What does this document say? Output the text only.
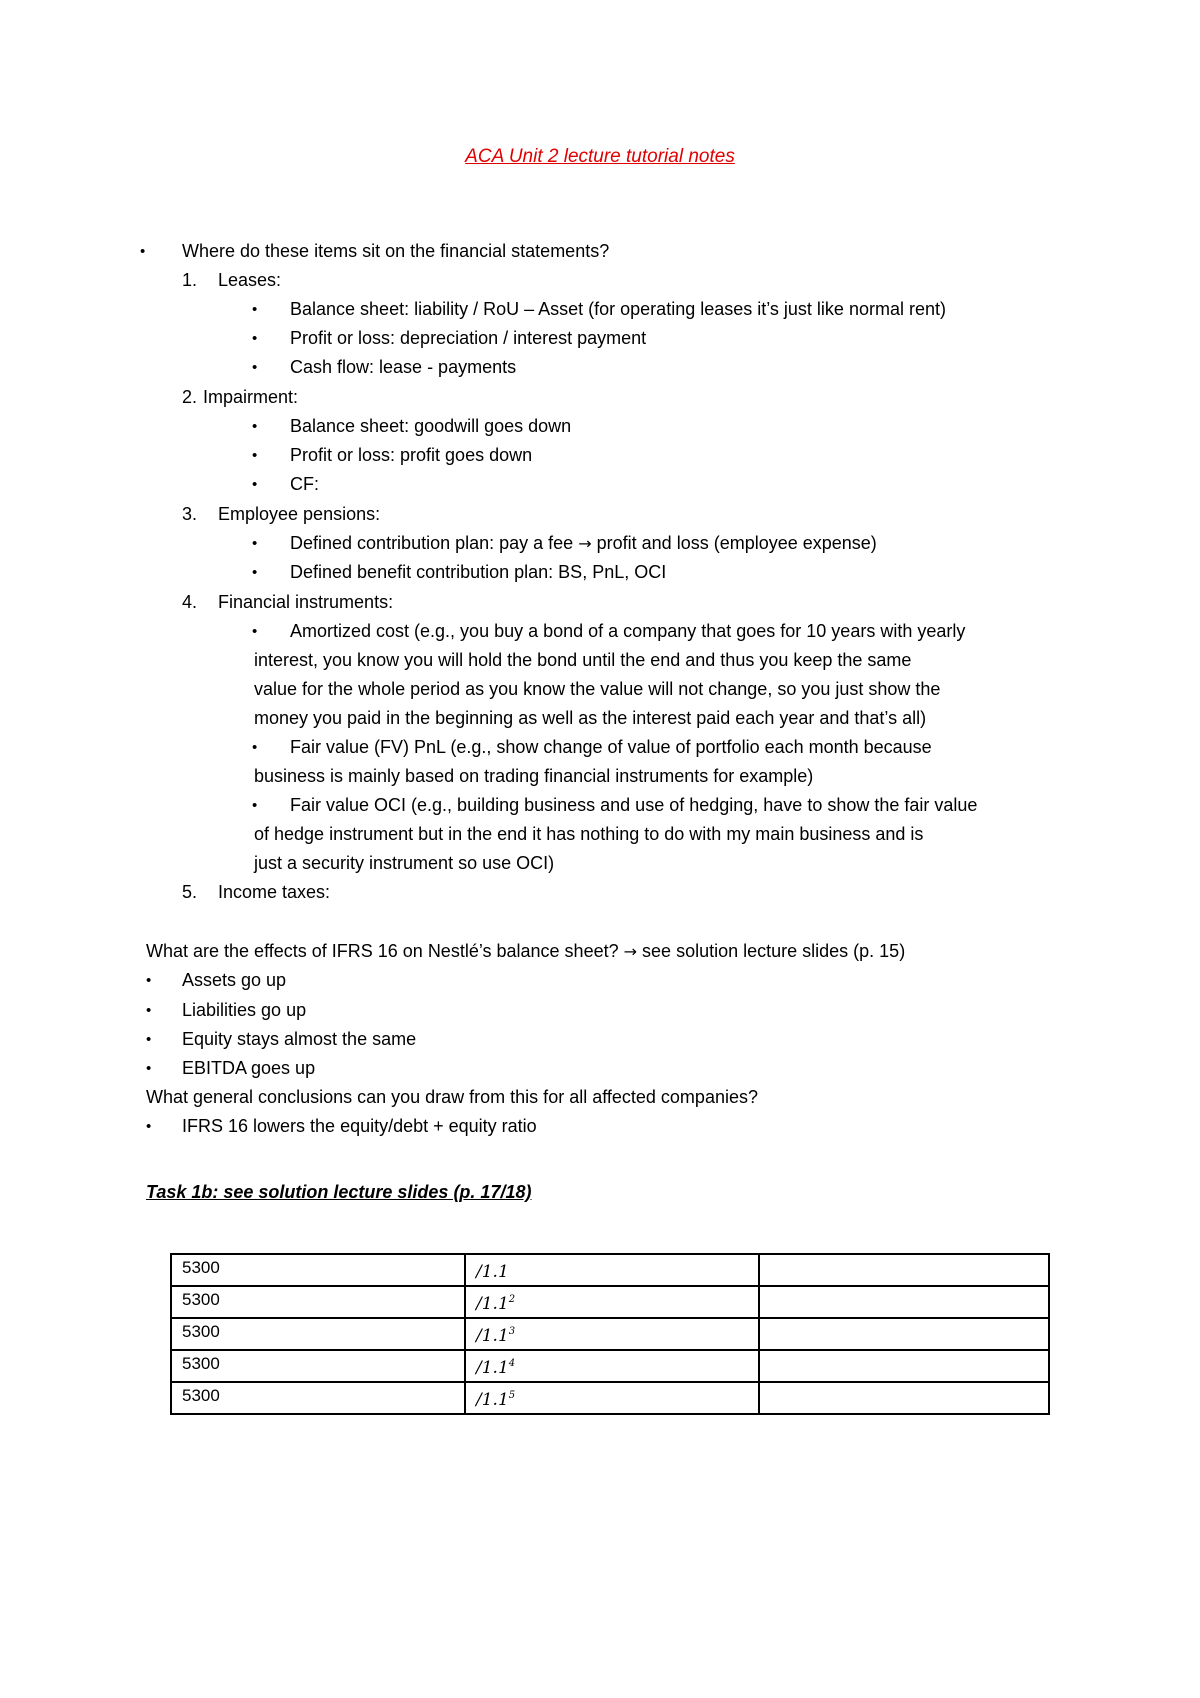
ACA Unit 2 lecture tutorial notes
• Where do these items sit on the financial statements?
1.	Leases:
• Balance sheet: liability / RoU – Asset (for operating leases it’s just like normal rent)
• Profit or loss: depreciation / interest payment
• Cash flow: lease - payments
2. Impairment:
• Balance sheet: goodwill goes down
• Profit or loss: profit goes down
• CF:
3.	Employee pensions:
• Defined contribution plan: pay a fee → profit and loss (employee expense)
• Defined benefit contribution plan: BS, PnL, OCI
4.	Financial instruments:
• Amortized cost (e.g., you buy a bond of a company that goes for 10 years with yearly
interest, you know you will hold the bond until the end and thus you keep the same
value for the whole period as you know the value will not change, so you just show the
money you paid in the beginning as well as the interest paid each year and that’s all)
• Fair value (FV) PnL (e.g., show change of value of portfolio each month because
business is mainly based on trading financial instruments for example)
• Fair value OCI (e.g., building business and use of hedging, have to show the fair value
of hedge instrument but in the end it has nothing to do with my main business and is
just a security instrument so use OCI)
5.	Income taxes:
What are the effects of IFRS 16 on Nestlé’s balance sheet? → see solution lecture slides (p. 15)
• Assets go up
• Liabilities go up
• Equity stays almost the same
• EBITDA goes up
What general conclusions can you draw from this for all affected companies?
• IFRS 16 lowers the equity/debt + equity ratio
Task 1b: see solution lecture slides (p. 17/18)
5300	/1.1	
5300	$/1.1^2$	
5300	$/1.1^3$	
5300	$/1.1^4$	
5300	$/1.1^5$	
